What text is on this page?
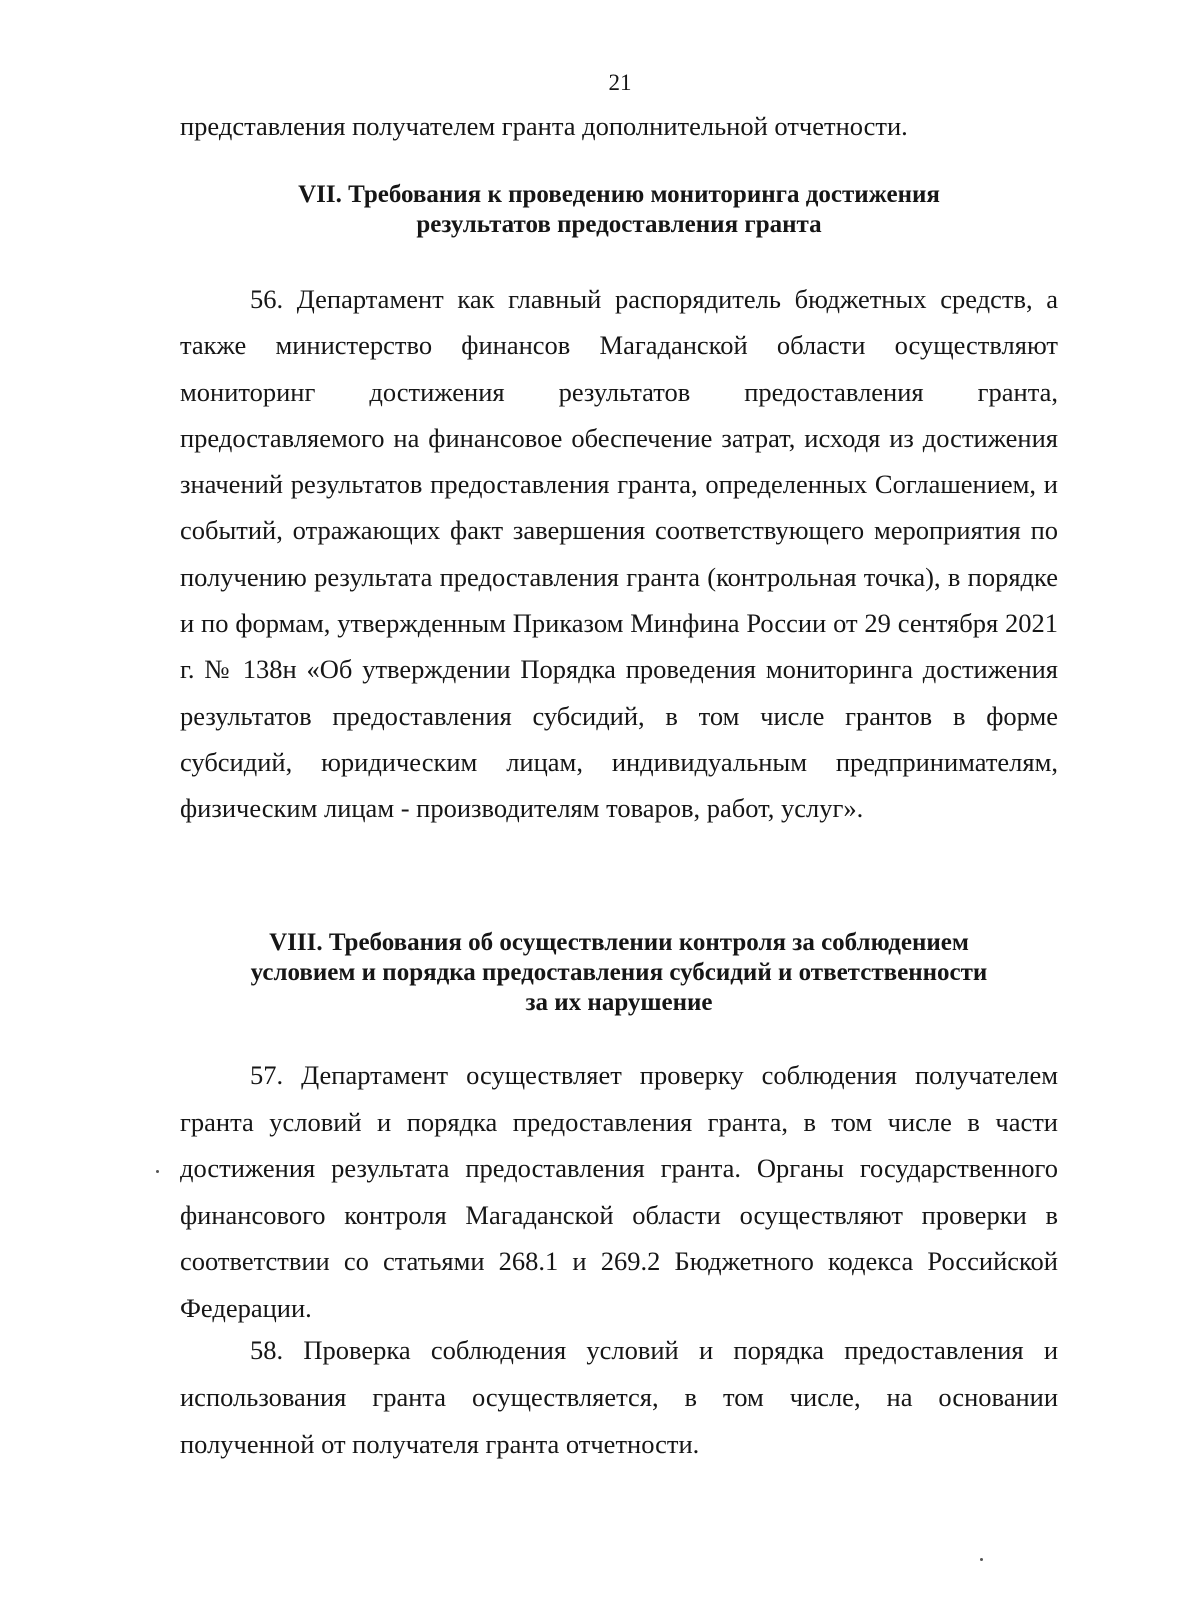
21

представления получателем гранта дополнительной отчетности.

VII. Требования к проведению мониторинга достижения
результатов предоставления гранта

56. Департамент как главный распорядитель бюджетных средств, а также министерство финансов Магаданской области осуществляют мониторинг достижения результатов предоставления гранта, предоставляемого на финансовое обеспечение затрат, исходя из достижения значений результатов предоставления гранта, определенных Соглашением, и событий, отражающих факт завершения соответствующего мероприятия по получению результата предоставления гранта (контрольная точка), в порядке и по формам, утвержденным Приказом Минфина России от 29 сентября 2021 г. № 138н «Об утверждении Порядка проведения мониторинга достижения результатов предоставления субсидий, в том числе грантов в форме субсидий, юридическим лицам, индивидуальным предпринимателям, физическим лицам - производителям товаров, работ, услуг».

VIII. Требования об осуществлении контроля за соблюдением
условием и порядка предоставления субсидий и ответственности
за их нарушение

57. Департамент осуществляет проверку соблюдения получателем гранта условий и порядка предоставления гранта, в том числе в части достижения результата предоставления гранта. Органы государственного финансового контроля Магаданской области осуществляют проверки в соответствии со статьями 268.1 и 269.2 Бюджетного кодекса Российской Федерации.

58. Проверка соблюдения условий и порядка предоставления и использования гранта осуществляется, в том числе, на основании полученной от получателя гранта отчетности.
